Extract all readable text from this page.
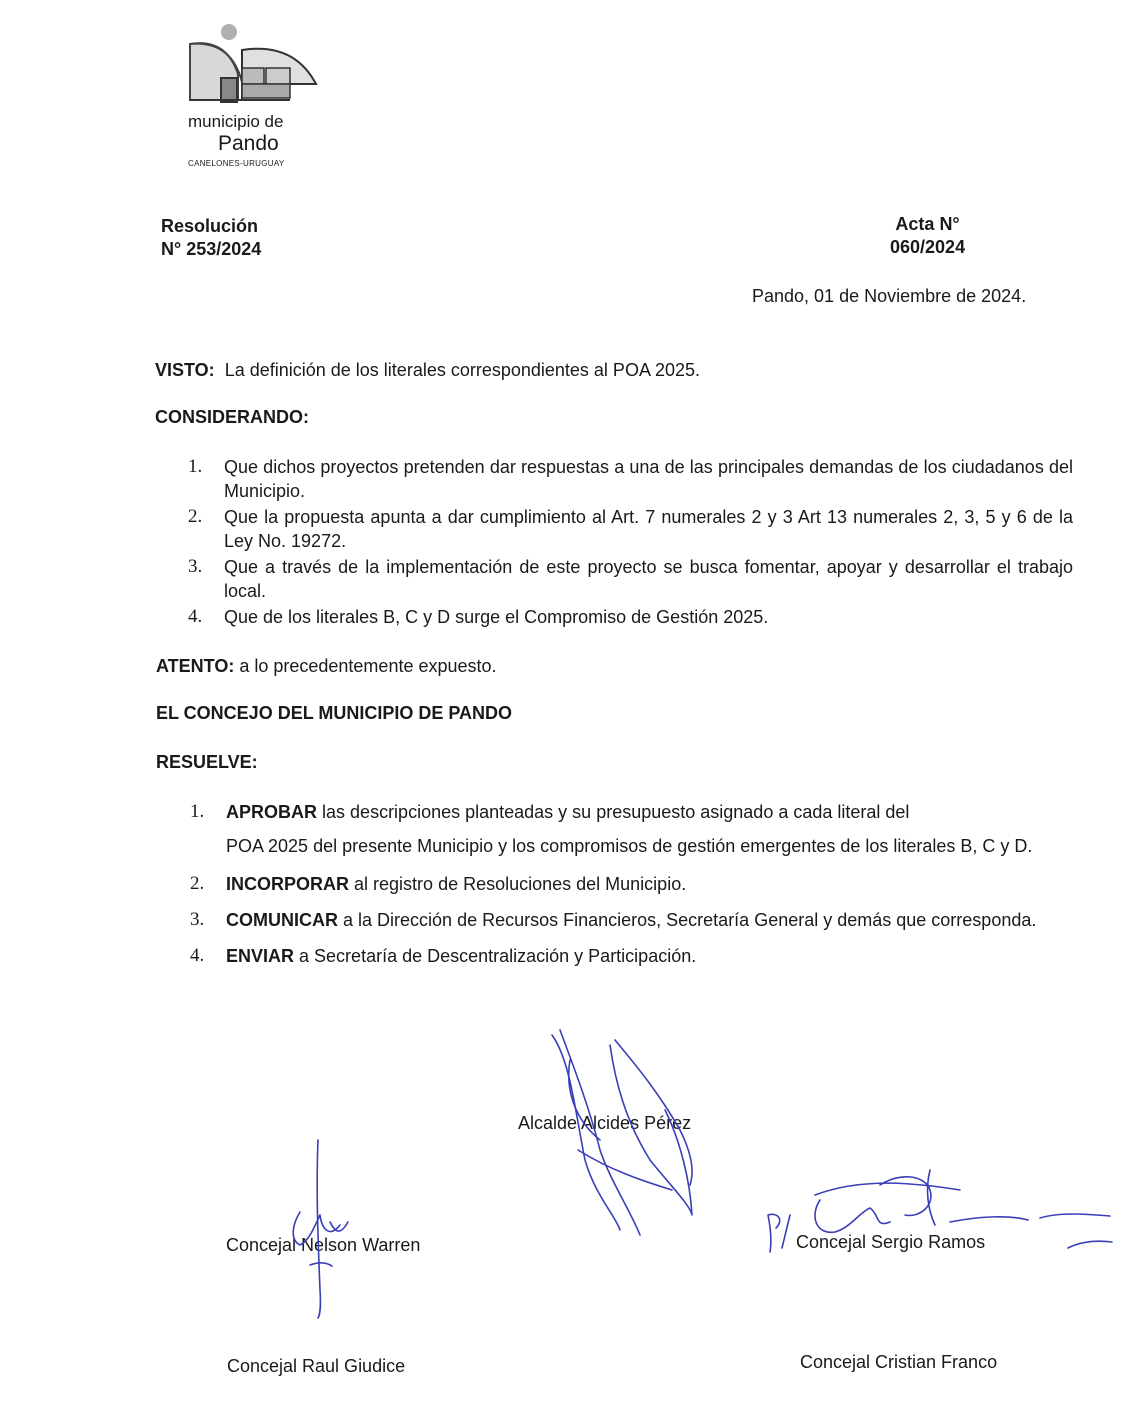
municipio de
Pando
CANELONES-URUGUAY
Resolución
N° 253/2024
Acta N°
060/2024
Pando, 01 de Noviembre de 2024.
VISTO: La definición de los literales correspondientes al POA 2025.
CONSIDERANDO:
1. Que dichos proyectos pretenden dar respuestas a una de las principales demandas de los ciudadanos del Municipio.
2. Que la propuesta apunta a dar cumplimiento al Art. 7 numerales 2 y 3 Art 13 numerales 2, 3, 5 y 6 de la Ley No. 19272.
3. Que a través de la implementación de este proyecto se busca fomentar, apoyar y desarrollar el trabajo local.
4. Que de los literales B, C y D surge el Compromiso de Gestión 2025.
ATENTO: a lo precedentemente expuesto.
EL CONCEJO DEL MUNICIPIO DE PANDO
RESUELVE:
1. APROBAR las descripciones planteadas y su presupuesto asignado a cada literal del
POA 2025 del presente Municipio y los compromisos de gestión emergentes de los literales B, C y D.
2. INCORPORAR al registro de Resoluciones del Municipio.
3. COMUNICAR a la Dirección de Recursos Financieros, Secretaría General y demás que corresponda.
4. ENVIAR a Secretaría de Descentralización y Participación.
Alcalde Alcides Pérez
Concejal Nelson Warren	Concejal Sergio Ramos
Concejal Raul Giudice	Concejal Cristian Franco
